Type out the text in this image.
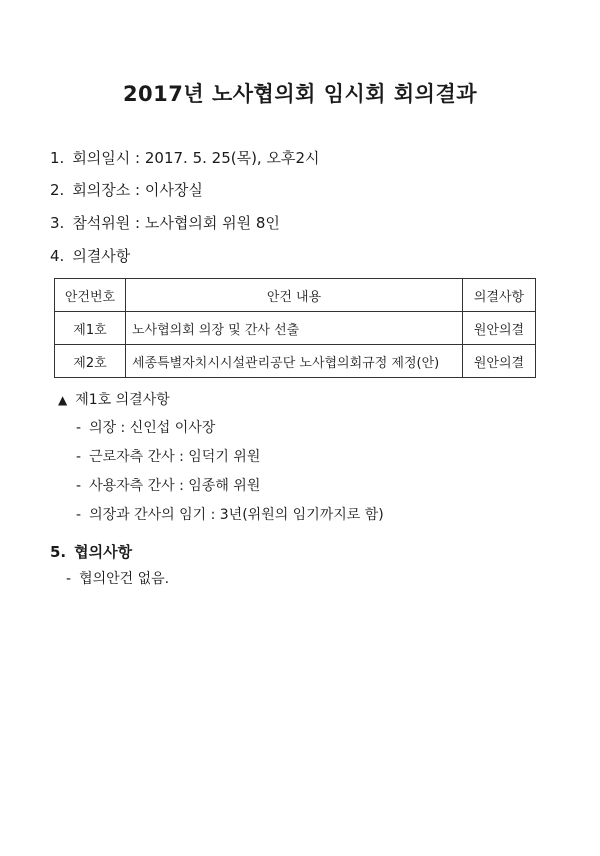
2017년 노사협의회 임시회 회의결과
1. 회의일시 : 2017. 5. 25(목), 오후2시
2. 회의장소 : 이사장실
3. 참석위원 : 노사협의회 위원 8인
4. 의결사항
안건번호	안건 내용	의결사항
제1호	노사협의회 의장 및 간사 선출	원안의결
제2호	세종특별자치시시설관리공단 노사협의회규정 제정(안)	원안의결
▲ 제1호 의결사항
- 의장 : 신인섭 이사장
- 근로자측 간사 : 임덕기 위원
- 사용자측 간사 : 임종해 위원
- 의장과 간사의 임기 : 3년(위원의 임기까지로 함)
5. 협의사항
- 협의안건 없음.
